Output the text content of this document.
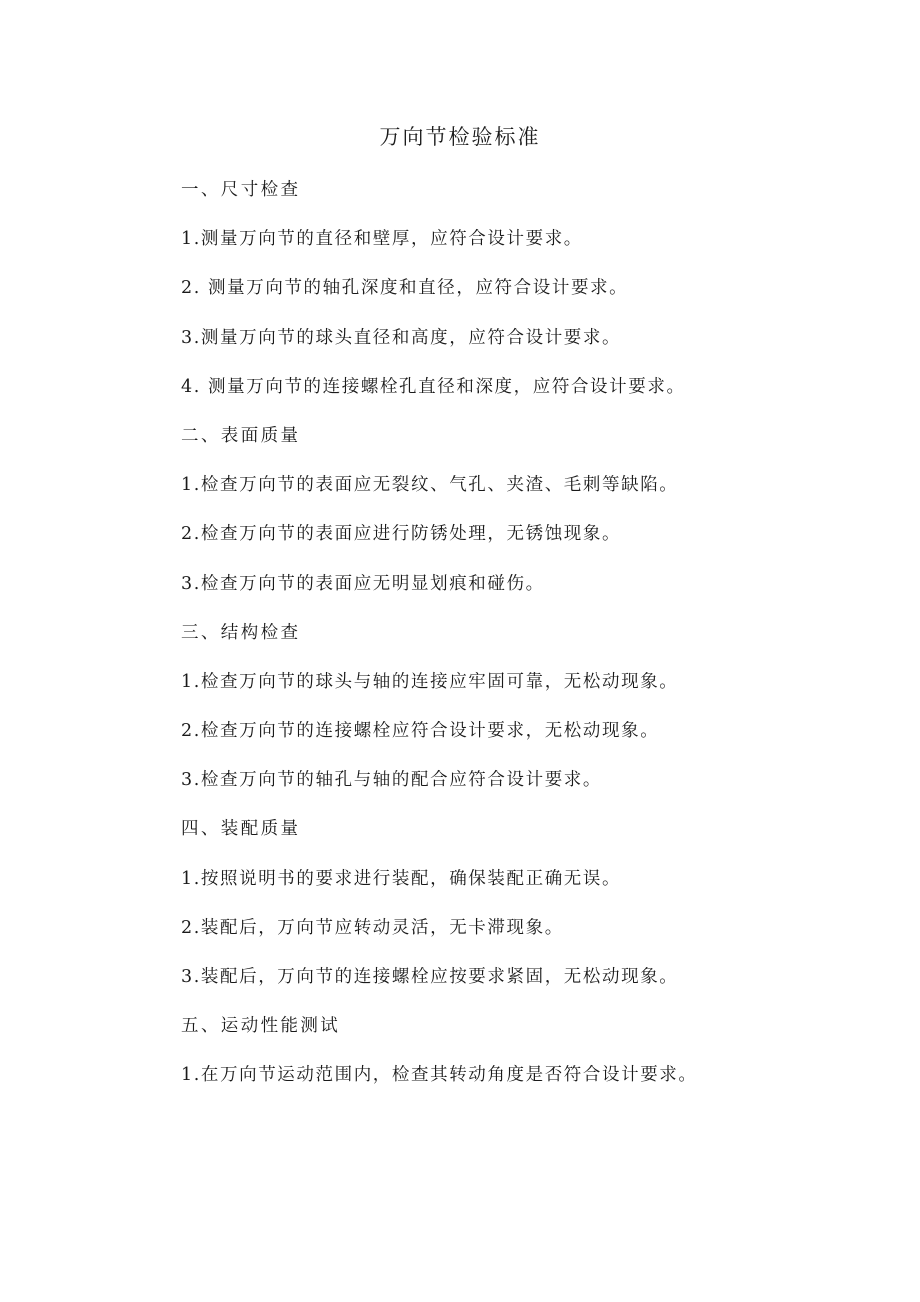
万向节检验标准

一、尺寸检查

1.测量万向节的直径和壁厚，应符合设计要求。

2. 测量万向节的轴孔深度和直径，应符合设计要求。

3.测量万向节的球头直径和高度，应符合设计要求。

4. 测量万向节的连接螺栓孔直径和深度，应符合设计要求。

二、表面质量

1.检查万向节的表面应无裂纹、气孔、夹渣、毛刺等缺陷。

2.检查万向节的表面应进行防锈处理，无锈蚀现象。

3.检查万向节的表面应无明显划痕和碰伤。

三、结构检查

1.检查万向节的球头与轴的连接应牢固可靠，无松动现象。

2.检查万向节的连接螺栓应符合设计要求，无松动现象。

3.检查万向节的轴孔与轴的配合应符合设计要求。

四、装配质量

1.按照说明书的要求进行装配，确保装配正确无误。

2.装配后，万向节应转动灵活，无卡滞现象。

3.装配后，万向节的连接螺栓应按要求紧固，无松动现象。

五、运动性能测试

1.在万向节运动范围内，检查其转动角度是否符合设计要求。
